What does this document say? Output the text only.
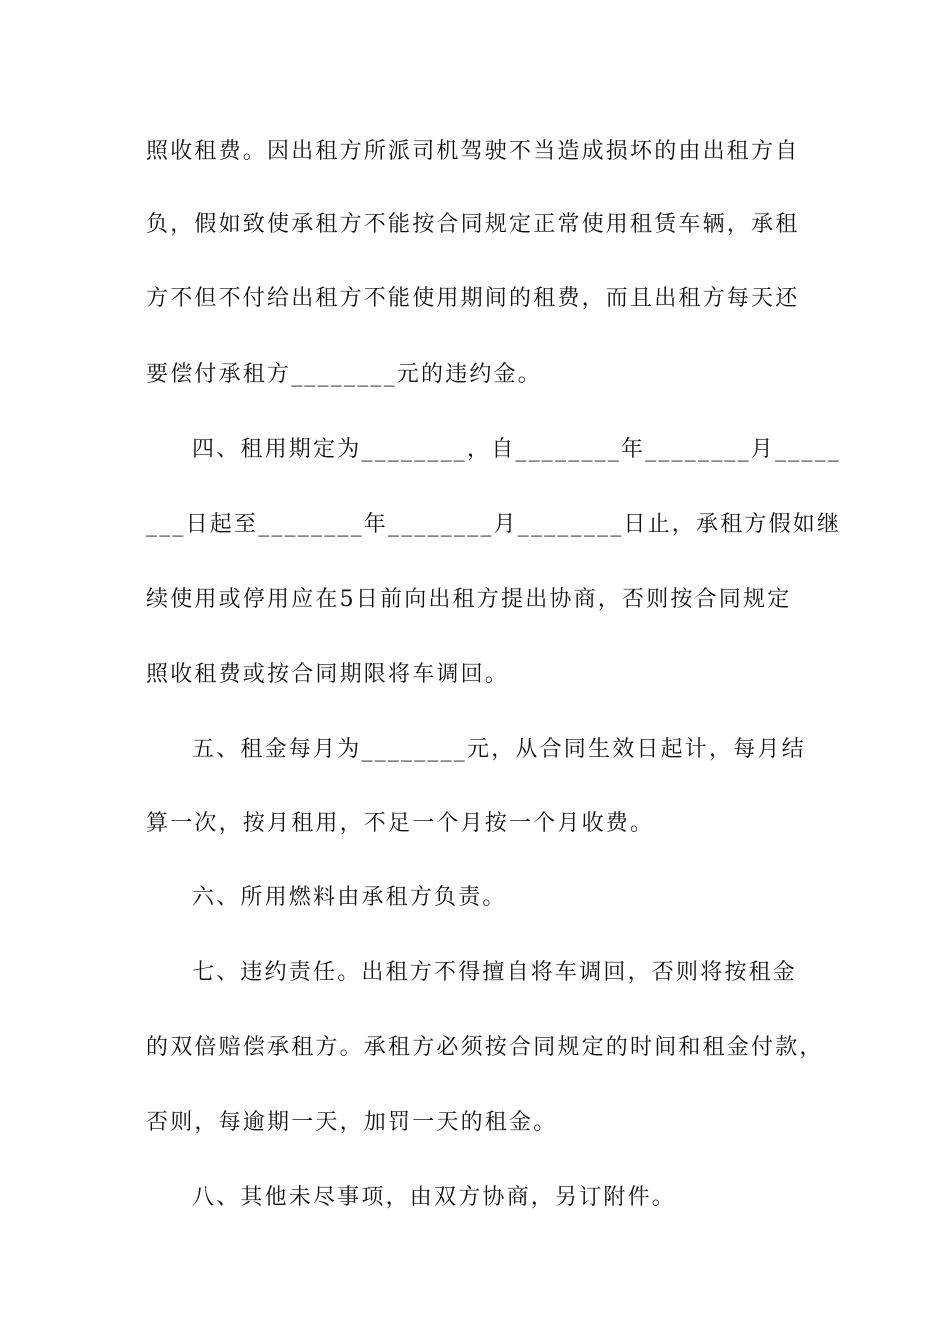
照收租费。因出租方所派司机驾驶不当造成损坏的由出租方自
负，假如致使承租方不能按合同规定正常使用租赁车辆，承租
方不但不付给出租方不能使用期间的租费，而且出租方每天还
要偿付承租方________元的违约金。
四、租用期定为________，自________年________月_____
___日起至________年________月________日止，承租方假如继
续使用或停用应在5日前向出租方提出协商，否则按合同规定
照收租费或按合同期限将车调回。
五、租金每月为________元，从合同生效日起计，每月结
算一次，按月租用，不足一个月按一个月收费。
六、所用燃料由承租方负责。
七、违约责任。出租方不得擅自将车调回，否则将按租金
的双倍赔偿承租方。承租方必须按合同规定的时间和租金付款，
否则，每逾期一天，加罚一天的租金。
八、其他未尽事项，由双方协商，另订附件。
